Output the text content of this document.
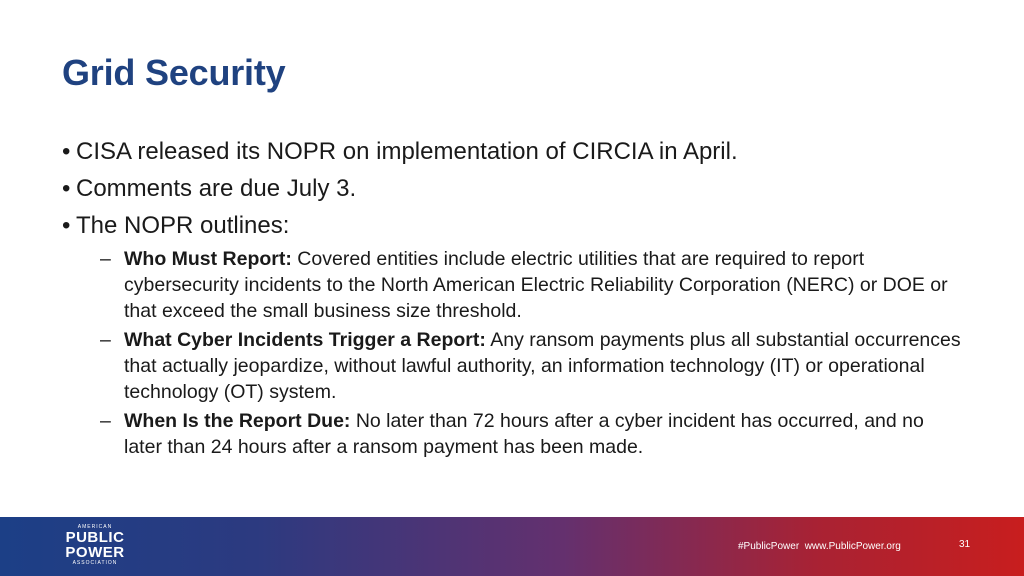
Grid Security
• CISA released its NOPR on implementation of CIRCIA in April.
• Comments are due July 3.
• The NOPR outlines:
– Who Must Report: Covered entities include electric utilities that are required to report cybersecurity incidents to the North American Electric Reliability Corporation (NERC) or DOE or that exceed the small business size threshold.
– What Cyber Incidents Trigger a Report: Any ransom payments plus all substantial occurrences that actually jeopardize, without lawful authority, an information technology (IT) or operational technology (OT) system.
– When Is the Report Due: No later than 72 hours after a cyber incident has occurred, and no later than 24 hours after a ransom payment has been made.
AMERICAN
PUBLIC
POWER
ASSOCIATION
#PublicPower  www.PublicPower.org	31
